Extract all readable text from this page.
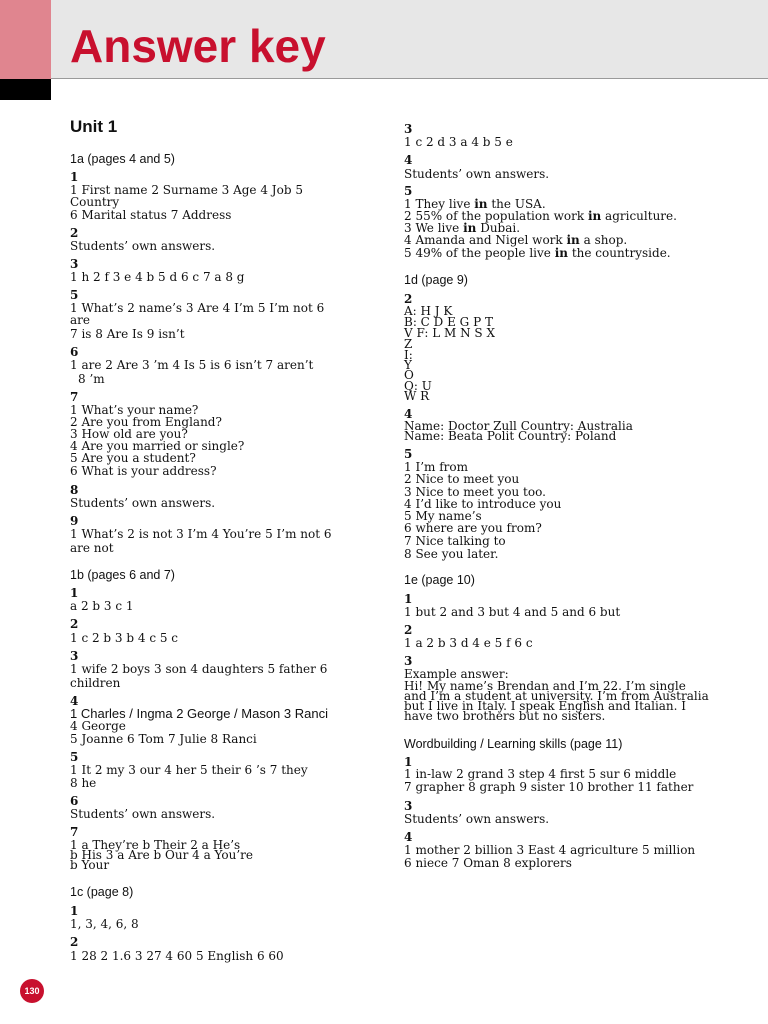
Answer key
Unit 1
1a (pages 4 and 5)
1
1 First name 2 Surname 3 Age 4 Job 5
Country
6 Marital status 7 Address
2
Students’ own answers.
3
1 h 2 f 3 e 4 b 5 d 6 c 7 a 8 g
5
1 What’s 2 name’s 3 Are 4 I’m 5 I’m not 6
are
7 is 8 Are Is 9 isn’t
6
1 are 2 Are 3 ’m 4 Is 5 is 6 isn’t 7 aren’t
8 ’m
7
1 What’s your name?
2 Are you from England?
3 How old are you?
4 Are you married or single?
5 Are you a student?
6 What is your address?
8
Students’ own answers.
9
1 What’s 2 is not 3 I’m 4 You’re 5 I’m not 6
are not
1b (pages 6 and 7)
1
a 2 b 3 c 1
2
1 c 2 b 3 b 4 c 5 c
3
1 wife 2 boys 3 son 4 daughters 5 father 6
children
4
1 Charles / Ingma 2 George / Mason 3 Ranci
4 George
5 Joanne 6 Tom 7 Julie 8 Ranci
5
1 It 2 my 3 our 4 her 5 their 6 ’s 7 they
8 he
6
Students’ own answers.
7
1 a They’re b Their 2 a He’s
b His 3 a Are b Our 4 a You’re
b Your
1c (page 8)
1
1, 3, 4, 6, 8
2
1 28 2 1.6 3 27 4 60 5 English 6 60
3
1 c 2 d 3 a 4 b 5 e
4
Students’ own answers.
5
1 They live in the USA.
2 55% of the population work in agriculture.
3 We live in Dubai.
4 Amanda and Nigel work in a shop.
5 49% of the people live in the countryside.
1d (page 9)
2
A: H J K
B: C D E G P T
V F: L M N S X
Z
I:
Y
O
Q: U
W R
4
Name: Doctor Zull Country: Australia
Name: Beata Polit Country: Poland
5
1 I’m from
2 Nice to meet you
3 Nice to meet you too.
4 I’d like to introduce you
5 My name’s
6 where are you from?
7 Nice talking to
8 See you later.
1e (page 10)
1
1 but 2 and 3 but 4 and 5 and 6 but
2
1 a 2 b 3 d 4 e 5 f 6 c
3
Example answer:
Hi! My name’s Brendan and I’m 22. I’m single
and I’m a student at university. I’m from Australia
but I live in Italy. I speak English and Italian. I
have two brothers but no sisters.
Wordbuilding / Learning skills (page 11)
1
1 in-law 2 grand 3 step 4 first 5 sur 6 middle
7 grapher 8 graph 9 sister 10 brother 11 father
3
Students’ own answers.
4
1 mother 2 billion 3 East 4 agriculture 5 million
6 niece 7 Oman 8 explorers
130
